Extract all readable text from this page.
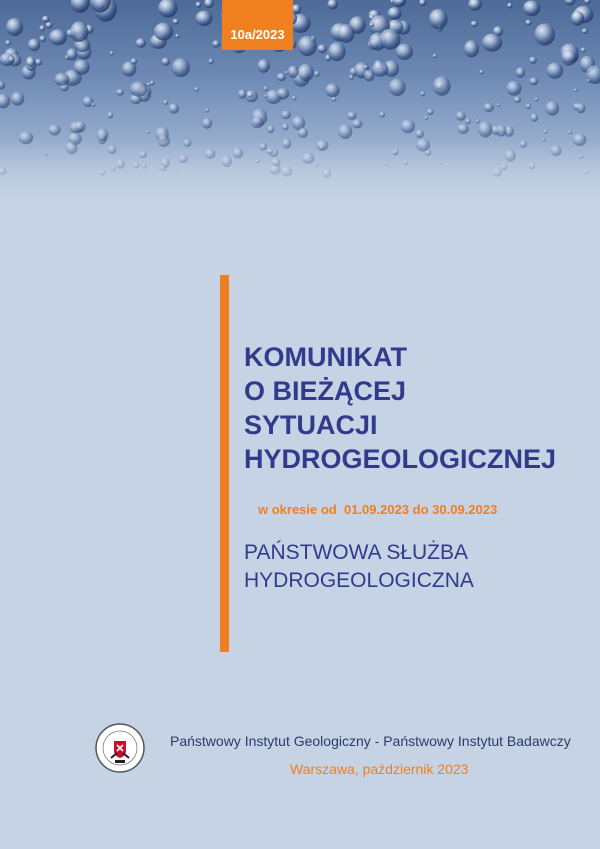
10a/2023
KOMUNIKAT
O BIEŻĄCEJ
SYTUACJI
HYDROGEOLOGICZNEJ
w okresie od  01.09.2023 do 30.09.2023
PAŃSTWOWA SŁUŻBA
HYDROGEOLOGICZNA
Państwowy Instytut Geologiczny - Państwowy Instytut Badawczy
Warszawa, październik 2023
